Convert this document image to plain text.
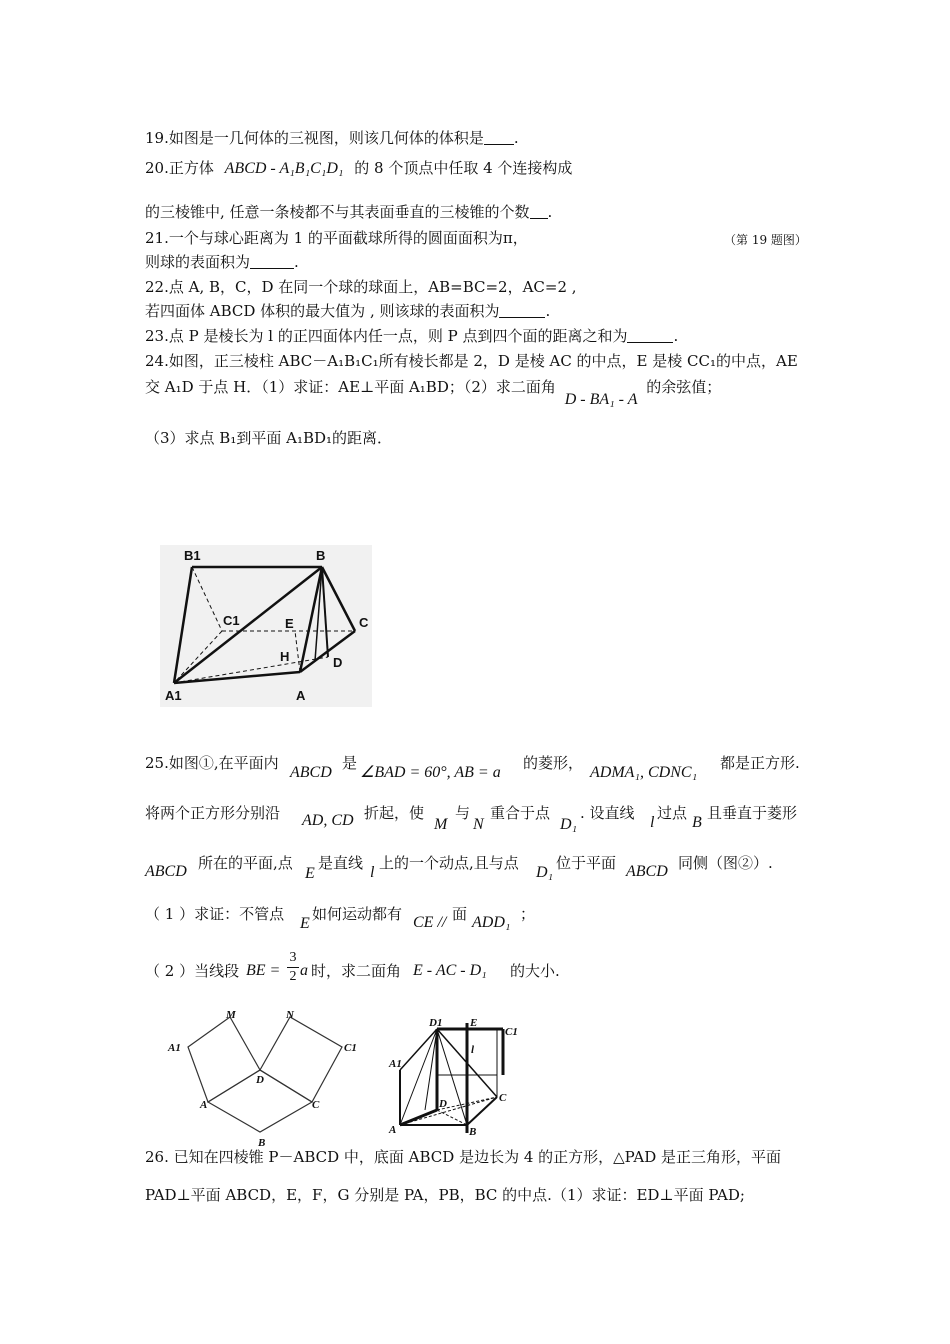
19.如图是一几何体的三视图，则该几何体的体积是 .
20.正方体 ABCD - A₁B₁C₁D₁ 的 8 个顶点中任取 4 个连接构成
的三棱锥中, 任意一条棱都不与其表面垂直的三棱锥的个数 .
21.一个与球心距离为 1 的平面截球所得的圆面面积为π，	（第 19 题图）
则球的表面积为	.
22.点 A, B，C，D 在同一个球的球面上，AB=BC=2，AC=2 ,
若四面体 ABCD 体积的最大值为 , 则该球的表面积为	.
23.点 P 是棱长为 l 的正四面体内任一点，则 P 点到四个面的距离之和为	.
24.如图，正三棱柱 ABC－A₁B₁C₁所有棱长都是 2，D 是棱 AC 的中点，E 是棱 CC₁的中点，AE
交 A₁D 于点 H．（1）求证：AE⊥平面 A₁BD；（2）求二面角 D - BA₁ - A 的余弦值；
（3）求点 B₁到平面 A₁BD₁的距离．
B1	B
C1	E	C
H	D
A1	A
25.如图①,在平面内
ABCD
是
∠BAD = 60°, AB = a
的菱形，
ADMA₁, CDNC₁
都是正方形.
将两个正方形分别沿 AD, CD 折起，使
M
与
N
重合于点
D₁
. 设直线
l
过点
B
且垂直于菱形
ABCD 所在的平面,点
E
是直线
l
上的一个动点,且与点
D₁
位于平面 ABCD 同侧（图②）.
（ 1 ）求证：不管点
E
如何运动都有 CE // 面 ADD₁ ；
（ 2 ）当线段 BE =
3
2 a 时，求二面角 E - AC - D₁ 的大小.
M	N
A1	C1
D
A	C
B
D1	E
C1
A1
l
D	C
A	B
26. 已知在四棱锥 P－ABCD 中，底面 ABCD 是边长为 4 的正方形，△PAD 是正三角形，平面
PAD⊥平面 ABCD，E，F，G 分别是 PA，PB，BC 的中点.（1）求证：ED⊥平面 PAD;
